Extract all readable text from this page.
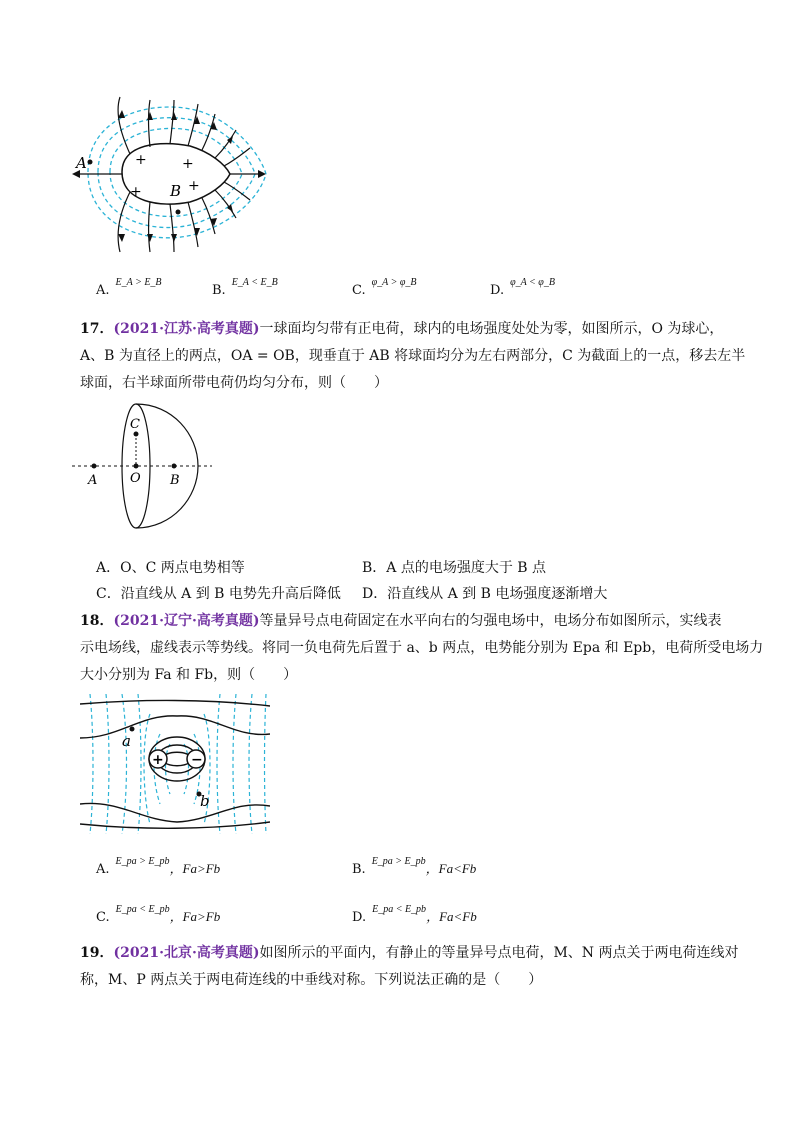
A
B
+	+
+	+
A.$^{E\_A > E\_B}$
B.$^{E\_A < E\_B}$
C.$^{\varphi\_A > \varphi\_B}$
D.$^{\varphi\_A < \varphi\_B}$
17．(2021·江苏·高考真题)一球面均匀带有正电荷，球内的电场强度处处为零，如图所示，O 为球心，
A、B 为直径上的两点，OA = OB，现垂直于 AB 将球面均分为左右两部分，C 为截面上的一点，移去左半
球面，右半球面所带电荷仍均匀分布，则（　　）
A	O B
C
A．O、C 两点电势相等	B．A 点的电场强度大于 B 点
C．沿直线从 A 到 B 电势先升高后降低 D．沿直线从 A 到 B 电场强度逐渐增大
18．(2021·辽宁·高考真题)等量异号点电荷固定在水平向右的匀强电场中，电场分布如图所示，实线表
示电场线，虚线表示等势线。将同一负电荷先后置于 a、b 两点，电势能分别为 Epa 和 Epb，电荷所受电场力
大小分别为 Fa 和 Fb，则（　　）
+ −
a
b
A.$^{E\_pa > E\_pb}$，Fa>Fb	B.$^{E\_pa > E\_pb}$，Fa<Fb
C.$^{E\_pa < E\_pb}$，Fa>Fb	D.$^{E\_pa < E\_pb}$，Fa<Fb
19．(2021·北京·高考真题)如图所示的平面内，有静止的等量异号点电荷，M、N 两点关于两电荷连线对
称，M、P 两点关于两电荷连线的中垂线对称。下列说法正确的是（　　）
